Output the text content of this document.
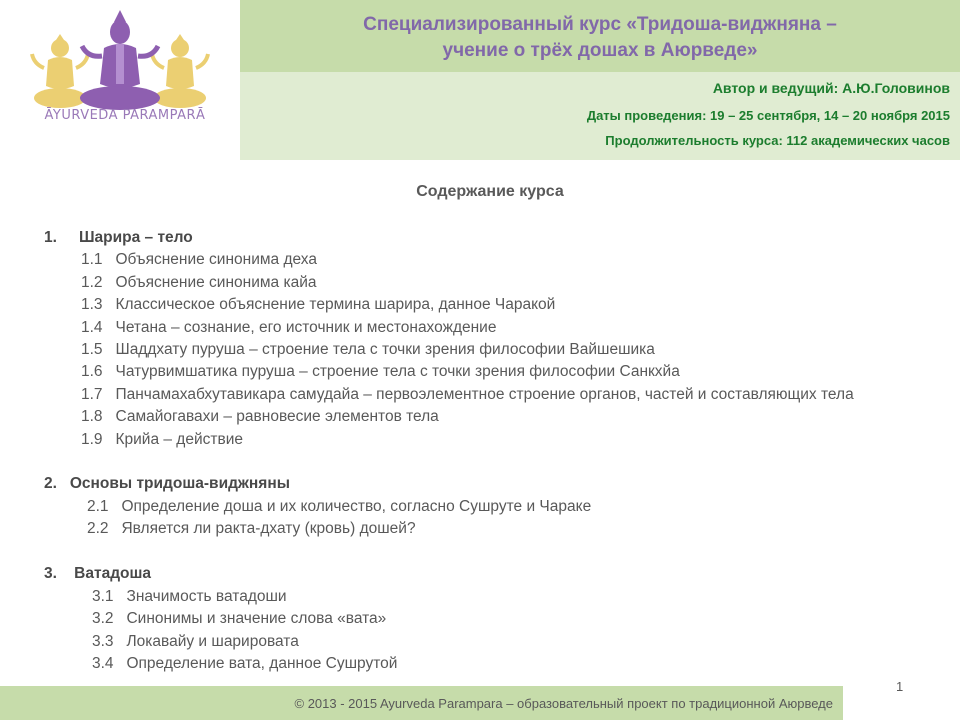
ĀYURVEDA PARAMPARĀ
Специализированный курс «Тридоша-виджняна –
учение о трёх дошах в Аюрведе»
Автор и ведущий: А.Ю.Головинов
Даты проведения: 19 – 25 сентября, 14 – 20 ноября 2015
Продолжительность курса: 112 академических часов
Содержание курса
1. Шарира – тело
1.1 Объяснение синонима деха
1.2 Объяснение синонима кайа
1.3 Классическое объяснение термина шарира, данное Чаракой
1.4 Четана – сознание, его источник и местонахождение
1.5 Шаддхату пуруша – строение тела с точки зрения философии Вайшешика
1.6 Чатурвимшатика пуруша – строение тела с точки зрения философии Санкхйа
1.7 Панчамахабхутавикара самудайа – первоэлементное строение органов, частей и составляющих тела
1.8 Самайогавахи – равновесие элементов тела
1.9 Крийа – действие
2. Основы тридоша-виджняны
2.1 Определение доша и их количество, согласно Сушруте и Чараке
2.2 Является ли ракта-дхату (кровь) дошей?
3. Ватадоша
3.1 Значимость ватадоши
3.2 Синонимы и значение слова «вата»
3.3 Локавайу и шарировата
3.4 Определение вата, данное Сушрутой
© 2013 - 2015 Ayurveda Parampara – образовательный проект по традиционной Аюрведе
1
